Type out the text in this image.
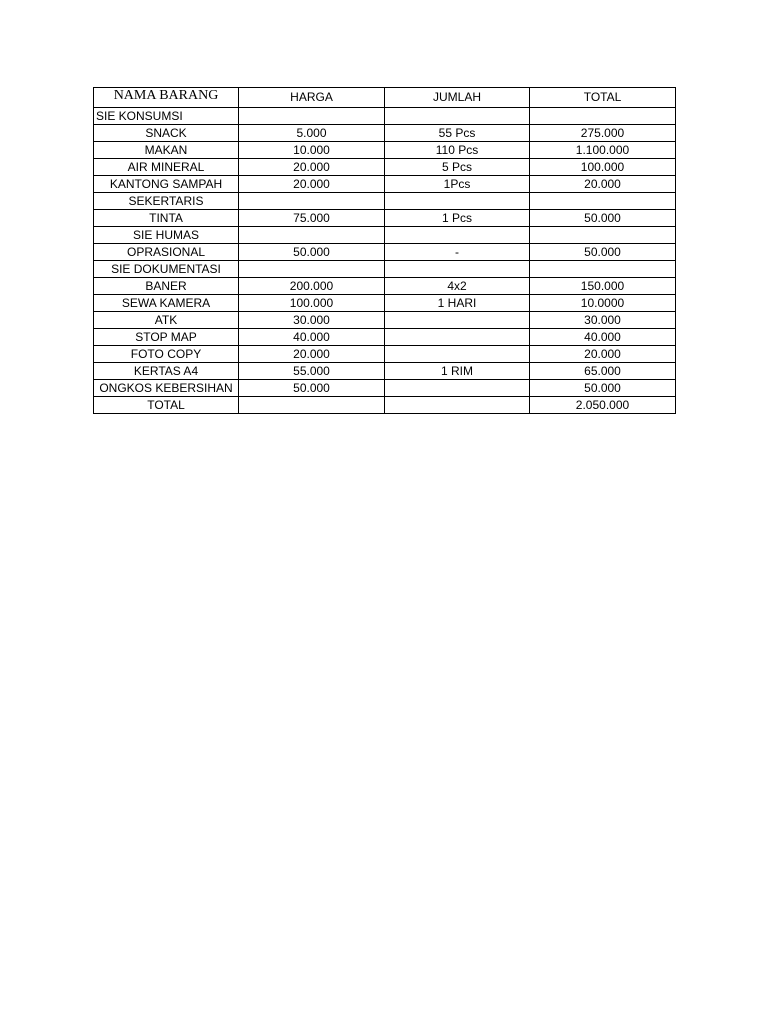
NAMA BARANG	HARGA	JUMLAH	TOTAL
SIE KONSUMSI			
SNACK	5.000	55 Pcs	275.000
MAKAN	10.000	110 Pcs	1.100.000
AIR MINERAL	20.000	5 Pcs	100.000
KANTONG SAMPAH	20.000	1Pcs	20.000
SEKERTARIS			
TINTA	75.000	1 Pcs	50.000
SIE HUMAS			
OPRASIONAL	50.000	-	50.000
SIE DOKUMENTASI			
BANER	200.000	4x2	150.000
SEWA KAMERA	100.000	1 HARI	10.0000
ATK	30.000		30.000
STOP MAP	40.000		40.000
FOTO COPY	20.000		20.000
KERTAS A4	55.000	1 RIM	65.000
ONGKOS KEBERSIHAN	50.000		50.000
TOTAL			2.050.000
